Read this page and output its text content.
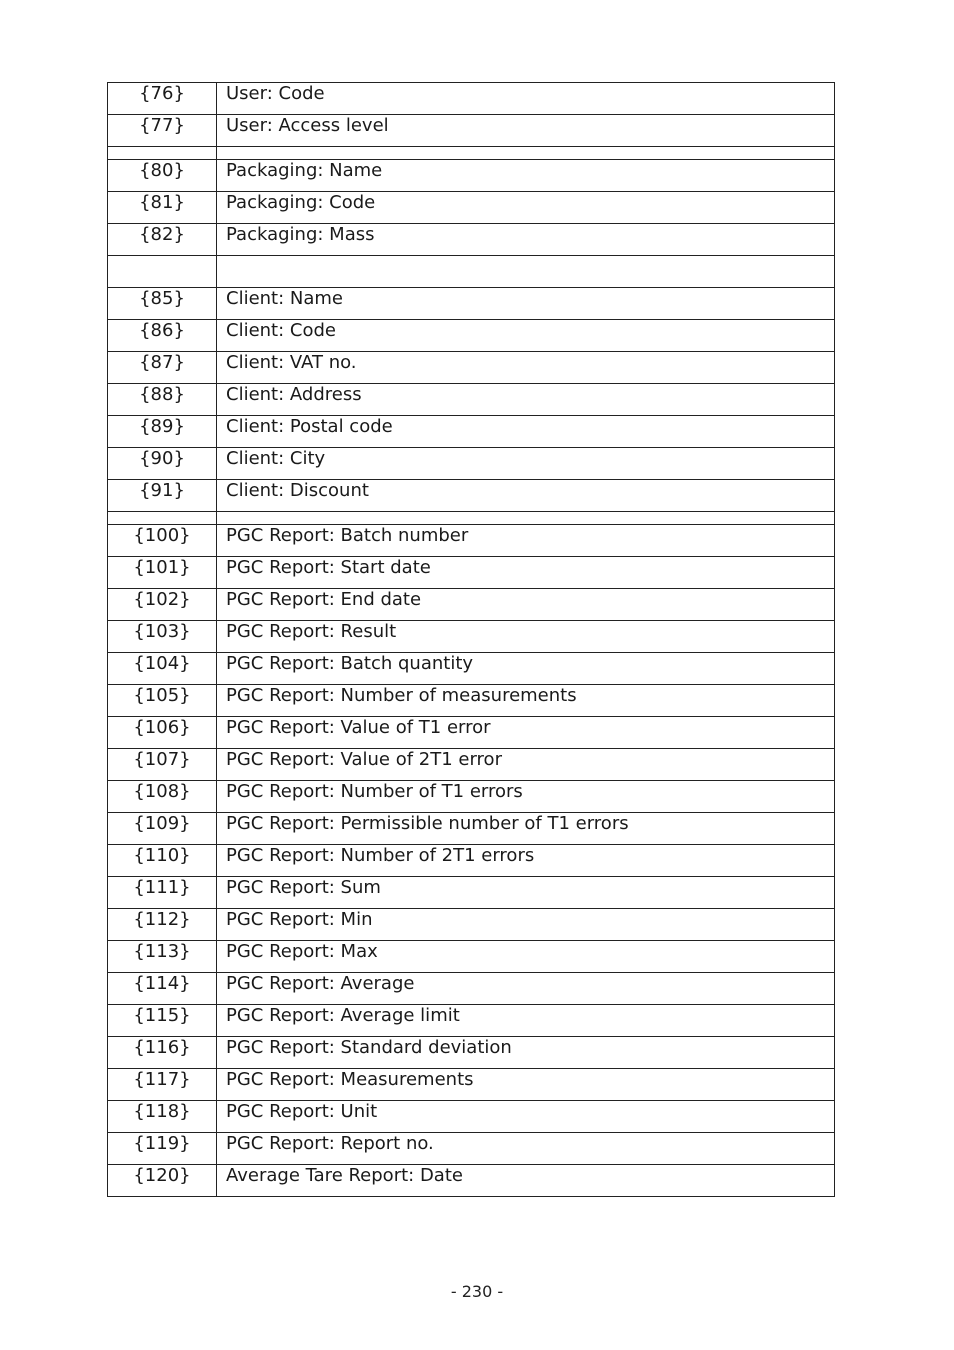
{76}	User: Code
{77}	User: Access level

{80}	Packaging: Name
{81}	Packaging: Code
{82}	Packaging: Mass

{85}	Client: Name
{86}	Client: Code
{87}	Client: VAT no.
{88}	Client: Address
{89}	Client: Postal code
{90}	Client: City
{91}	Client: Discount

{100}	PGC Report: Batch number
{101}	PGC Report: Start date
{102}	PGC Report: End date
{103}	PGC Report: Result
{104}	PGC Report: Batch quantity
{105}	PGC Report: Number of measurements
{106}	PGC Report: Value of T1 error
{107}	PGC Report: Value of 2T1 error
{108}	PGC Report: Number of T1 errors
{109}	PGC Report: Permissible number of T1 errors
{110}	PGC Report: Number of 2T1 errors
{111}	PGC Report: Sum
{112}	PGC Report: Min
{113}	PGC Report: Max
{114}	PGC Report: Average
{115}	PGC Report: Average limit
{116}	PGC Report: Standard deviation
{117}	PGC Report: Measurements
{118}	PGC Report: Unit
{119}	PGC Report: Report no.
{120}	Average Tare Report: Date
- 230 -
